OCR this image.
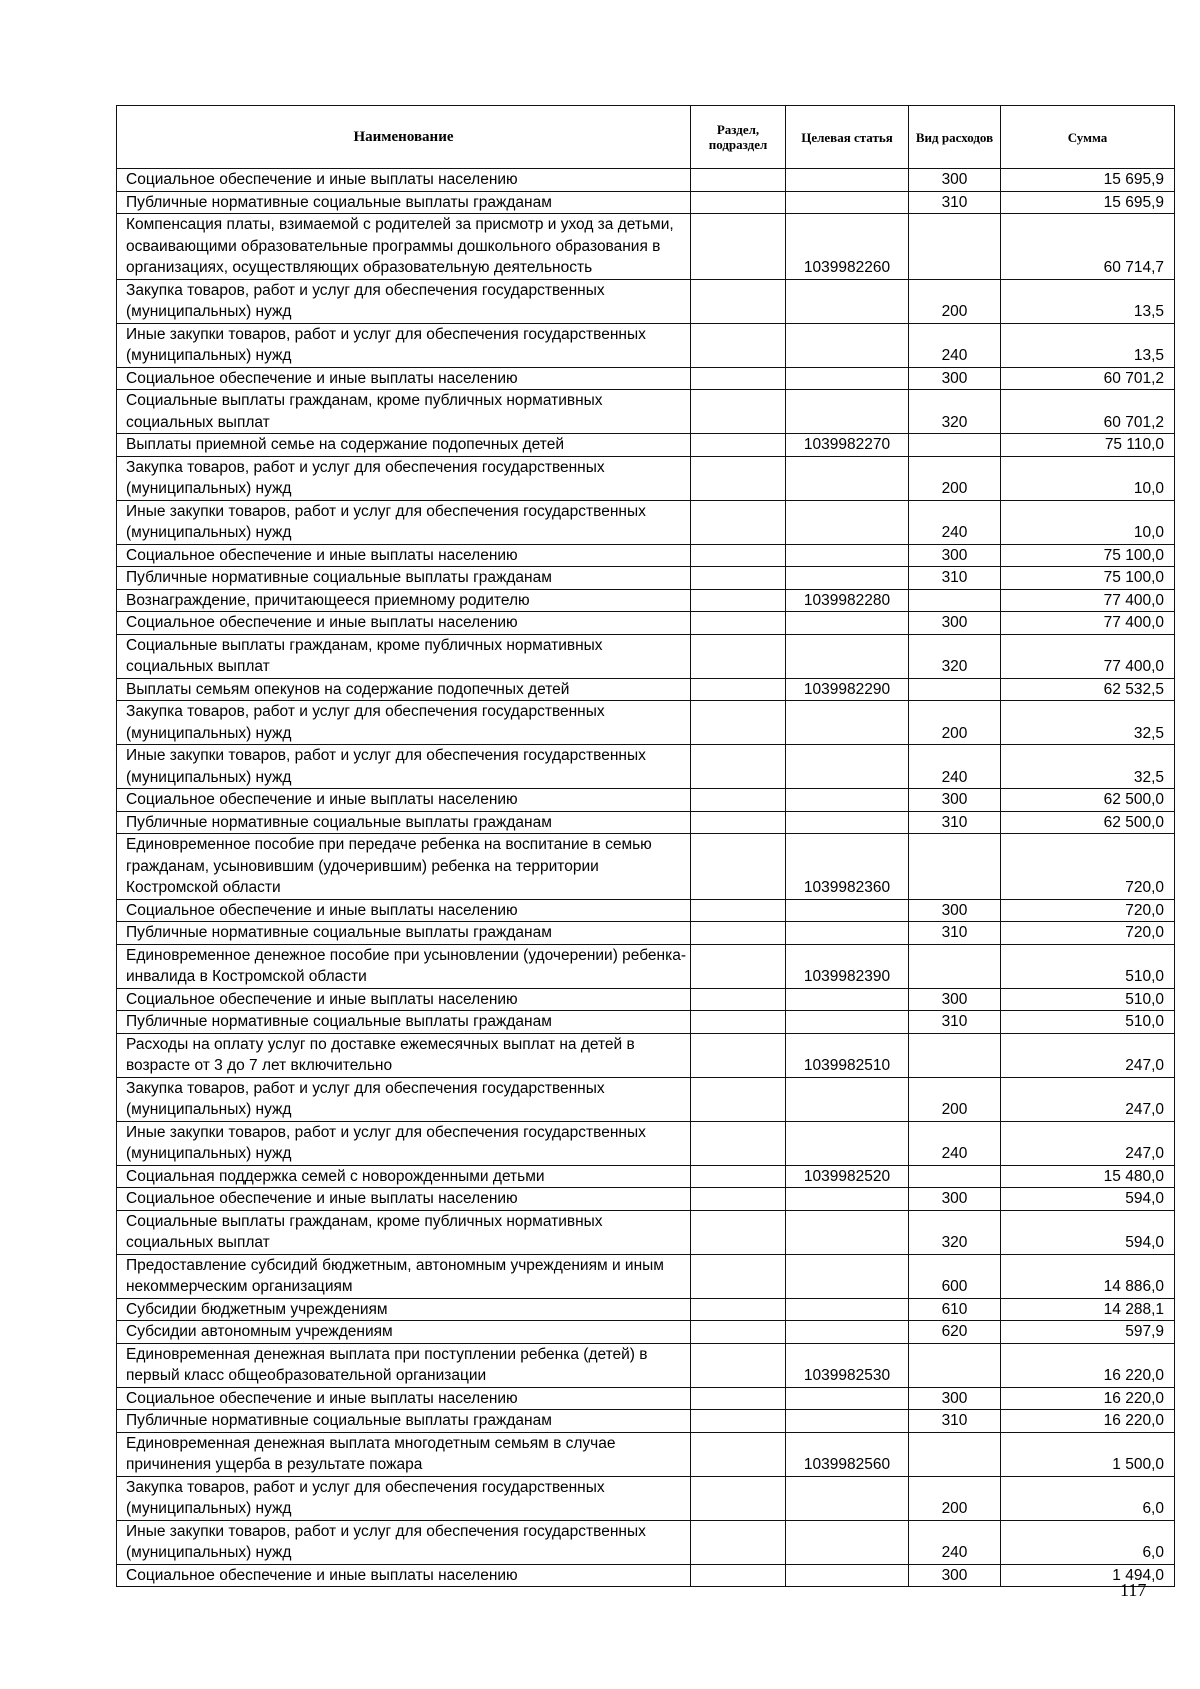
Наименование	Раздел, подраздел	Целевая статья	Вид расходов	Сумма
Социальное обеспечение и иные выплаты населению			300	15 695,9
Публичные нормативные социальные выплаты гражданам			310	15 695,9
Компенсация платы, взимаемой с родителей за присмотр и уход за детьми, осваивающими образовательные программы дошкольного образования в организациях, осуществляющих образовательную деятельность		1039982260		60 714,7
Закупка товаров, работ и услуг для обеспечения государственных (муниципальных) нужд			200	13,5
Иные закупки товаров, работ и услуг для обеспечения государственных (муниципальных) нужд			240	13,5
Социальное обеспечение и иные выплаты населению			300	60 701,2
Социальные выплаты гражданам, кроме публичных нормативных социальных выплат			320	60 701,2
Выплаты приемной семье на содержание подопечных детей		1039982270		75 110,0
Закупка товаров, работ и услуг для обеспечения государственных (муниципальных) нужд			200	10,0
Иные закупки товаров, работ и услуг для обеспечения государственных (муниципальных) нужд			240	10,0
Социальное обеспечение и иные выплаты населению			300	75 100,0
Публичные нормативные социальные выплаты гражданам			310	75 100,0
Вознаграждение, причитающееся приемному родителю		1039982280		77 400,0
Социальное обеспечение и иные выплаты населению			300	77 400,0
Социальные выплаты гражданам, кроме публичных нормативных социальных выплат			320	77 400,0
Выплаты семьям опекунов на содержание подопечных детей		1039982290		62 532,5
Закупка товаров, работ и услуг для обеспечения государственных (муниципальных) нужд			200	32,5
Иные закупки товаров, работ и услуг для обеспечения государственных (муниципальных) нужд			240	32,5
Социальное обеспечение и иные выплаты населению			300	62 500,0
Публичные нормативные социальные выплаты гражданам			310	62 500,0
Единовременное пособие при передаче ребенка на воспитание в семью гражданам, усыновившим (удочерившим) ребенка на территории Костромской области		1039982360		720,0
Социальное обеспечение и иные выплаты населению			300	720,0
Публичные нормативные социальные выплаты гражданам			310	720,0
Единовременное денежное пособие при усыновлении (удочерении) ребенка-инвалида в Костромской области		1039982390		510,0
Социальное обеспечение и иные выплаты населению			300	510,0
Публичные нормативные социальные выплаты гражданам			310	510,0
Расходы на оплату услуг по доставке ежемесячных выплат на детей в возрасте от 3 до 7 лет включительно		1039982510		247,0
Закупка товаров, работ и услуг для обеспечения государственных (муниципальных) нужд			200	247,0
Иные закупки товаров, работ и услуг для обеспечения государственных (муниципальных) нужд			240	247,0
Социальная поддержка семей с новорожденными детьми		1039982520		15 480,0
Социальное обеспечение и иные выплаты населению			300	594,0
Социальные выплаты гражданам, кроме публичных нормативных социальных выплат			320	594,0
Предоставление субсидий бюджетным, автономным учреждениям и иным некоммерческим организациям			600	14 886,0
Субсидии бюджетным учреждениям			610	14 288,1
Субсидии автономным учреждениям			620	597,9
Единовременная денежная выплата при поступлении ребенка (детей) в первый класс общеобразовательной организации		1039982530		16 220,0
Социальное обеспечение и иные выплаты населению			300	16 220,0
Публичные нормативные социальные выплаты гражданам			310	16 220,0
Единовременная денежная выплата многодетным семьям в случае причинения ущерба в результате пожара		1039982560		1 500,0
Закупка товаров, работ и услуг для обеспечения государственных (муниципальных) нужд			200	6,0
Иные закупки товаров, работ и услуг для обеспечения государственных (муниципальных) нужд			240	6,0
Социальное обеспечение и иные выплаты населению			300	1 494,0
117
